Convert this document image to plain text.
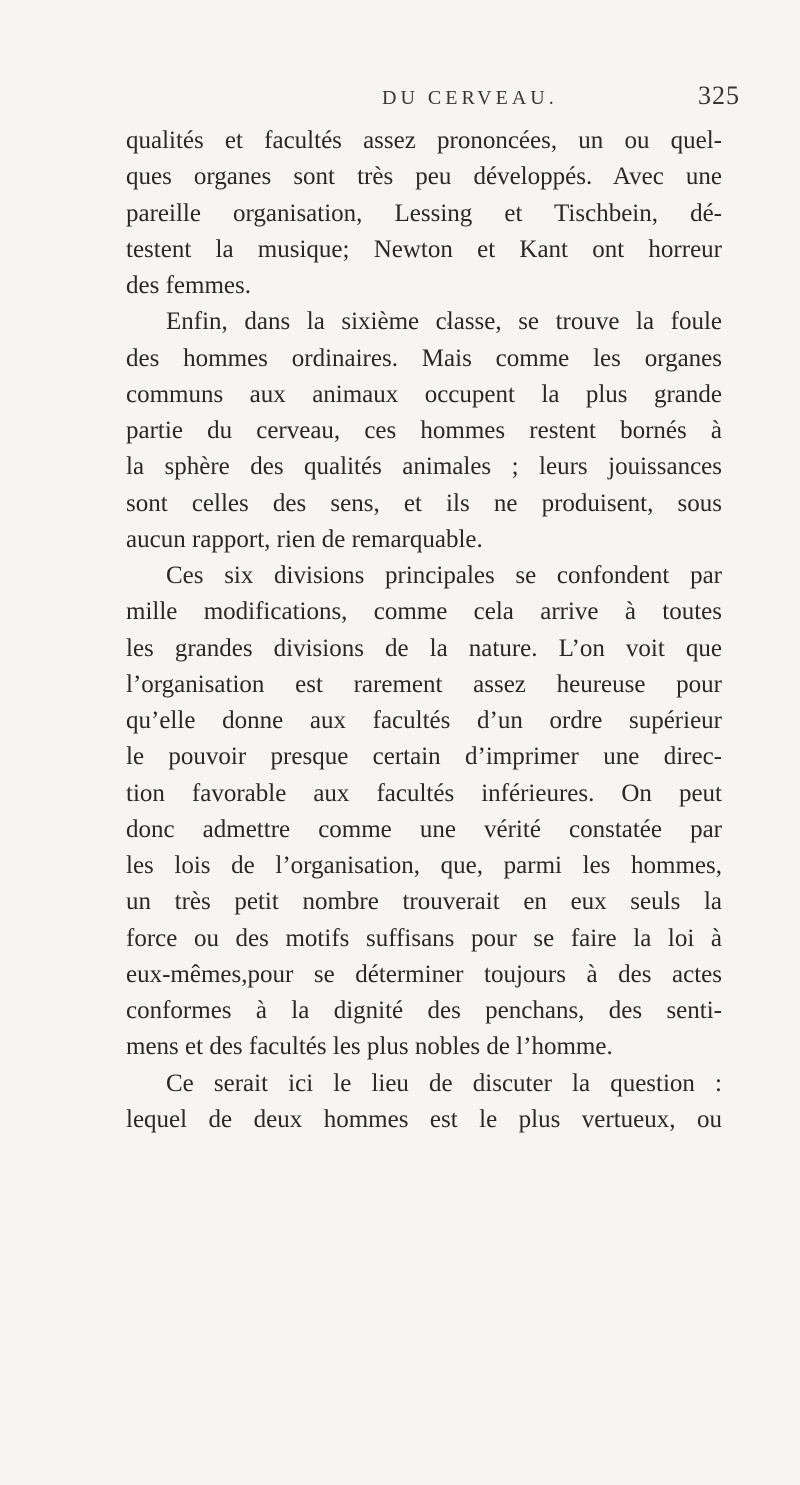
DU CERVEAU.	325
qualités et facultés assez prononcées, un ou quel-
ques organes sont très peu développés. Avec une
pareille organisation, Lessing et Tischbein, dé-
testent la musique; Newton et Kant ont horreur
des femmes.
Enfin, dans la sixième classe, se trouve la foule
des hommes ordinaires. Mais comme les organes
communs aux animaux occupent la plus grande
partie du cerveau, ces hommes restent bornés à
la sphère des qualités animales ; leurs jouissances
sont celles des sens, et ils ne produisent, sous
aucun rapport, rien de remarquable.
Ces six divisions principales se confondent par
mille modifications, comme cela arrive à toutes
les grandes divisions de la nature. L’on voit que
l’organisation est rarement assez heureuse pour
qu’elle donne aux facultés d’un ordre supérieur
le pouvoir presque certain d’imprimer une direc-
tion favorable aux facultés inférieures. On peut
donc admettre comme une vérité constatée par
les lois de l’organisation, que, parmi les hommes,
un très petit nombre trouverait en eux seuls la
force ou des motifs suffisans pour se faire la loi à
eux-mêmes,pour se déterminer toujours à des actes
conformes à la dignité des penchans, des senti-
mens et des facultés les plus nobles de l’homme.
Ce serait ici le lieu de discuter la question :
lequel de deux hommes est le plus vertueux, ou
